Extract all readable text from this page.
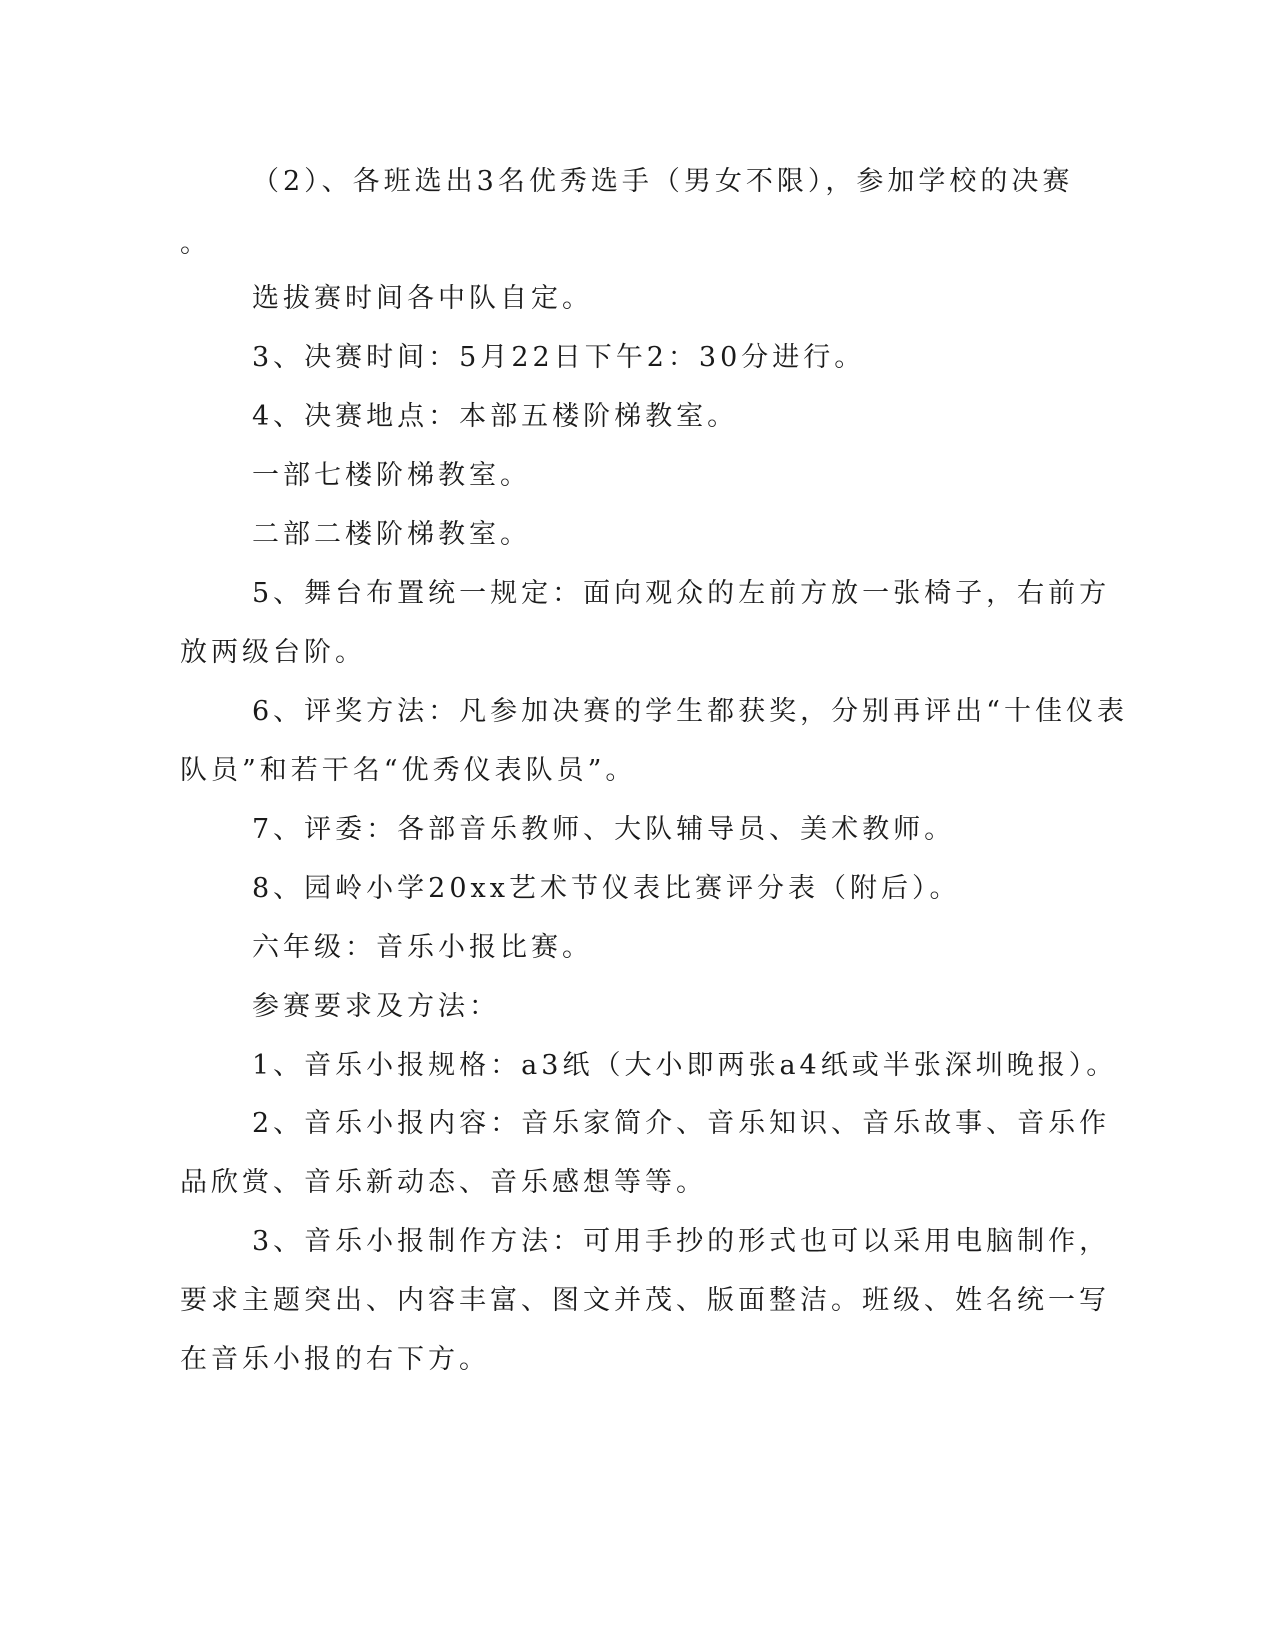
（2）、各班选出3名优秀选手（男女不限），参加学校的决赛
。
选拔赛时间各中队自定。
3、决赛时间：5月22日下午2：30分进行。
4、决赛地点：本部五楼阶梯教室。
一部七楼阶梯教室。
二部二楼阶梯教室。
5、舞台布置统一规定：面向观众的左前方放一张椅子，右前方
放两级台阶。
6、评奖方法：凡参加决赛的学生都获奖，分别再评出“十佳仪表
队员”和若干名“优秀仪表队员”。
7、评委：各部音乐教师、大队辅导员、美术教师。
8、园岭小学20xx艺术节仪表比赛评分表（附后）。
六年级：音乐小报比赛。
参赛要求及方法：
1、音乐小报规格：a3纸（大小即两张a4纸或半张深圳晚报）。
2、音乐小报内容：音乐家简介、音乐知识、音乐故事、音乐作
品欣赏、音乐新动态、音乐感想等等。
3、音乐小报制作方法：可用手抄的形式也可以采用电脑制作，
要求主题突出、内容丰富、图文并茂、版面整洁。班级、姓名统一写
在音乐小报的右下方。
